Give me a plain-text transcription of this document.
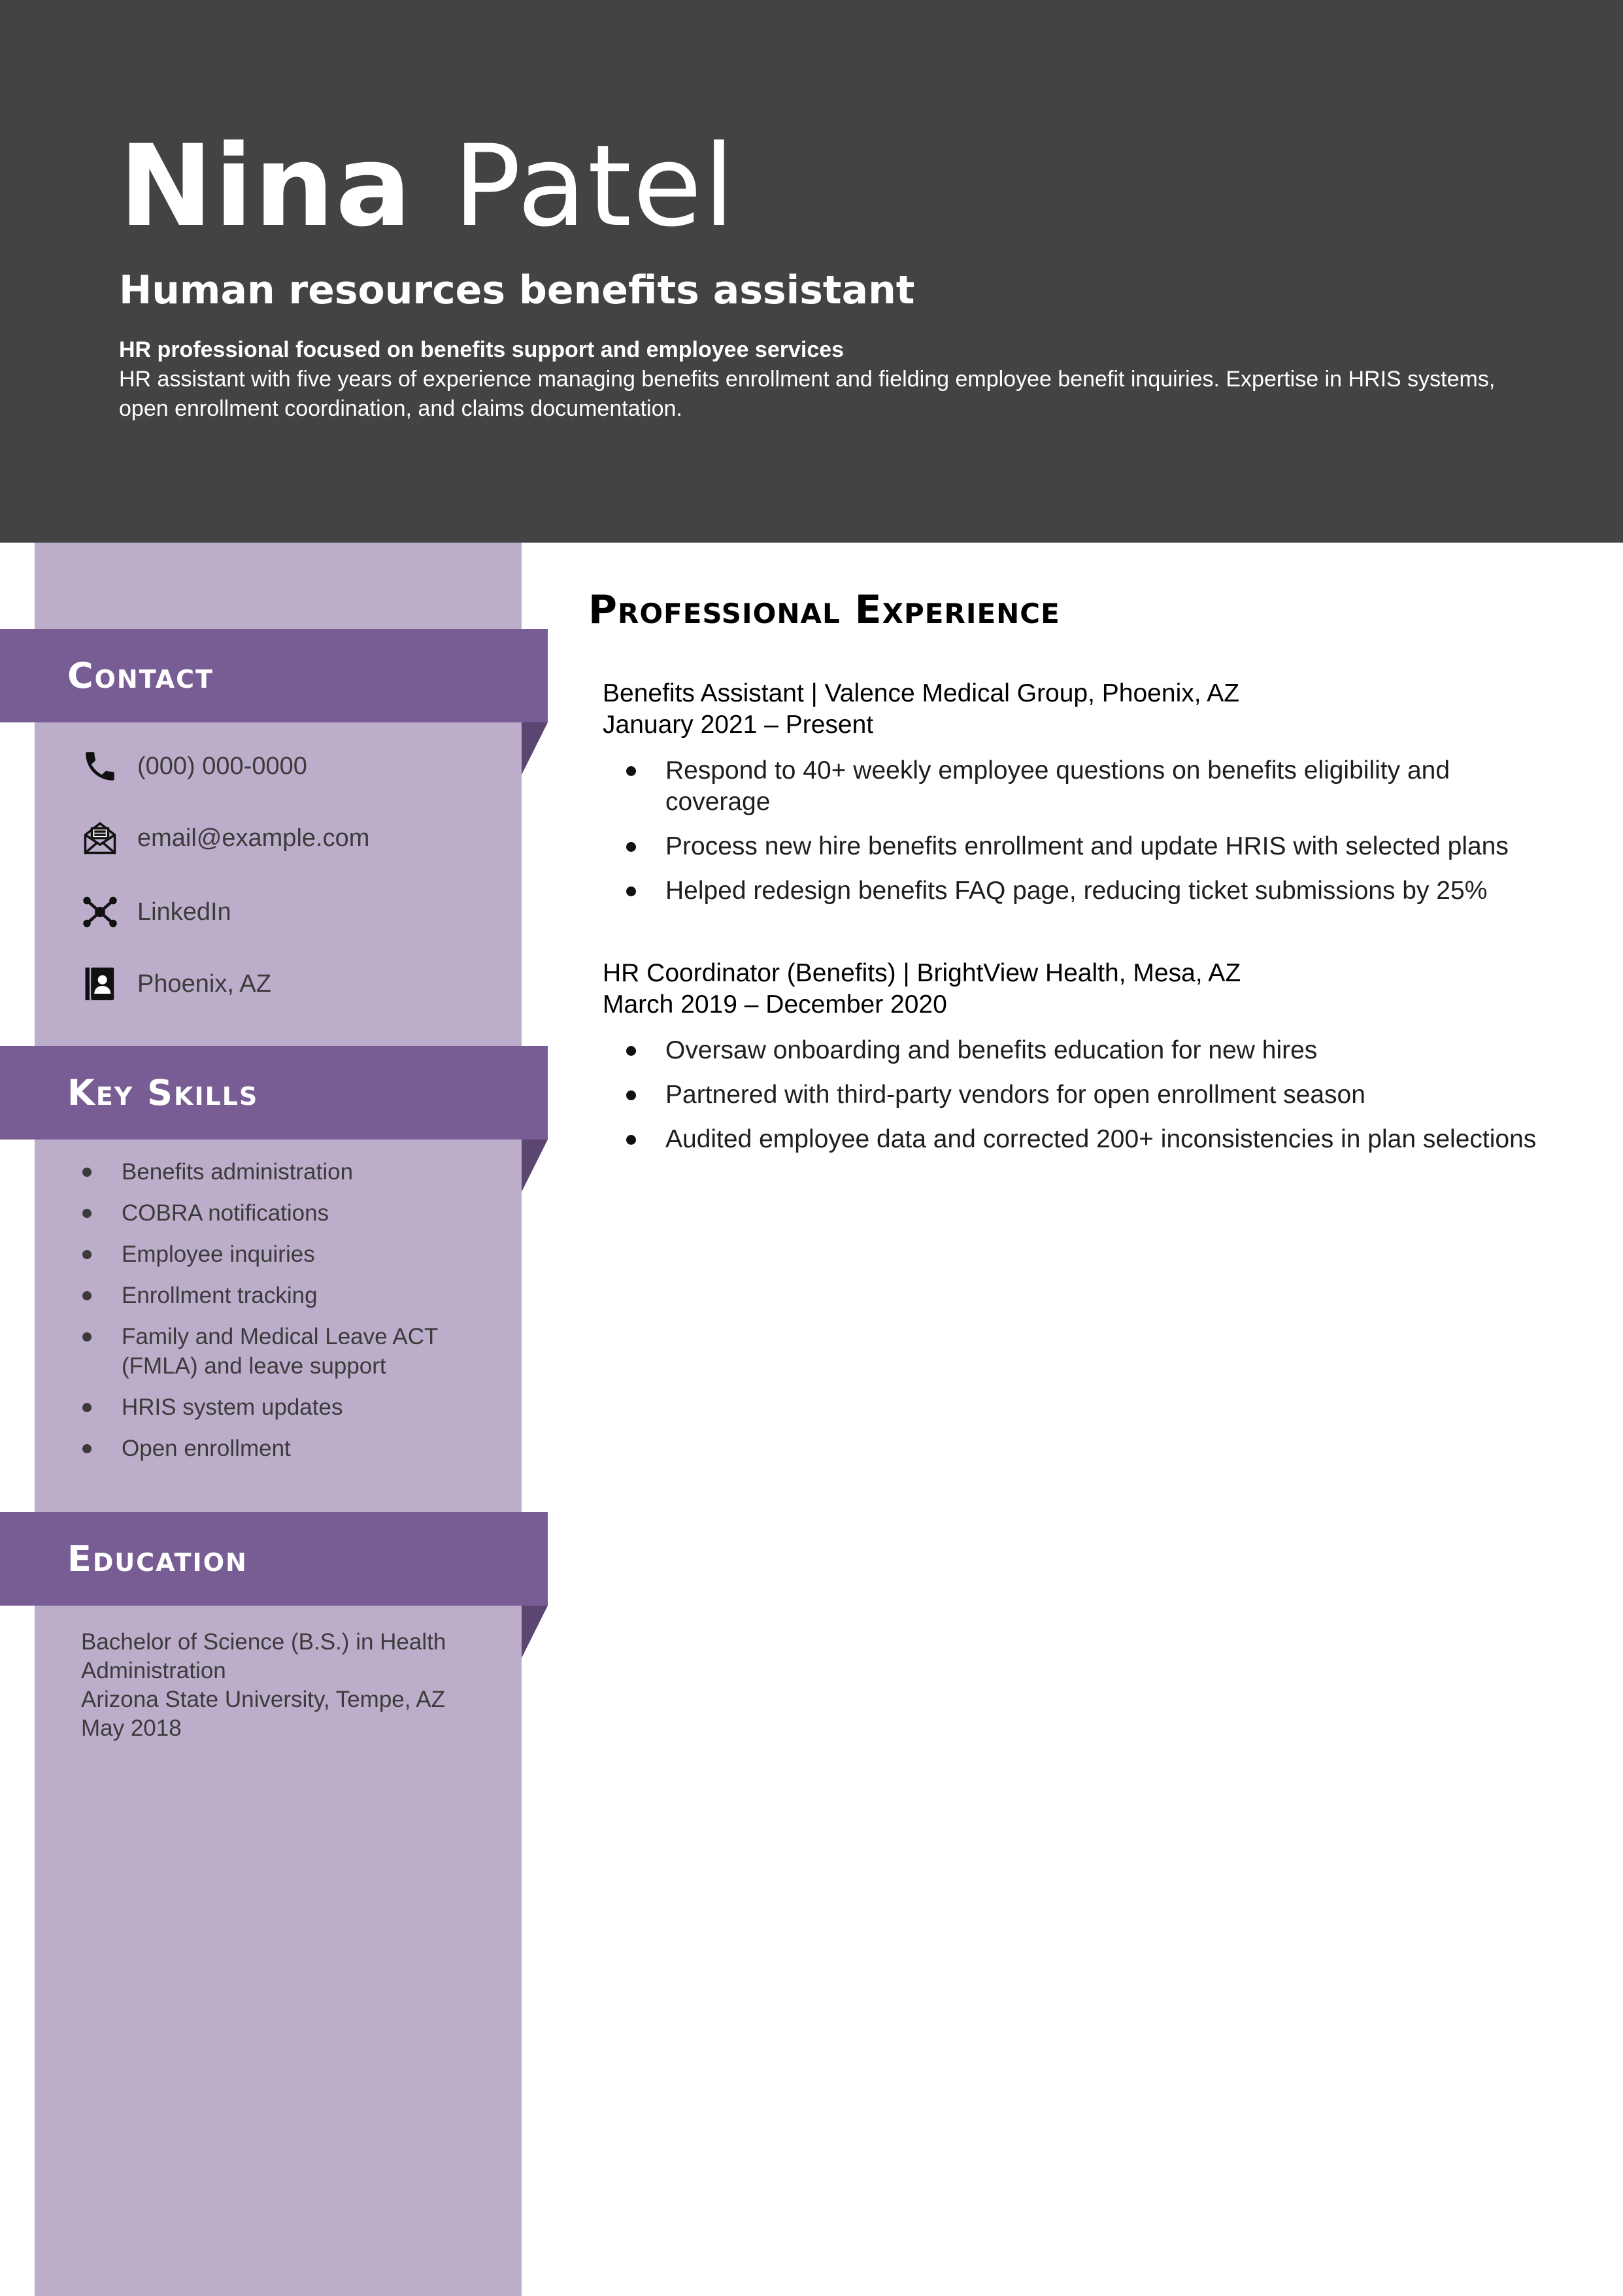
Nina Patel
Human resources benefits assistant
HR professional focused on benefits support and employee services
HR assistant with five years of experience managing benefits enrollment and fielding employee benefit inquiries. Expertise in HRIS systems, open enrollment coordination, and claims documentation.
Contact
(000) 000-0000
email@example.com
LinkedIn
Phoenix, AZ
Key Skills
Benefits administration
COBRA notifications
Employee inquiries
Enrollment tracking
Family and Medical Leave ACT (FMLA) and leave support
HRIS system updates
Open enrollment
Education
Bachelor of Science (B.S.) in Health Administration
Arizona State University, Tempe, AZ
May 2018
Professional Experience
Benefits Assistant | Valence Medical Group, Phoenix, AZ
January 2021 – Present
Respond to 40+ weekly employee questions on benefits eligibility and coverage
Process new hire benefits enrollment and update HRIS with selected plans
Helped redesign benefits FAQ page, reducing ticket submissions by 25%
HR Coordinator (Benefits) | BrightView Health, Mesa, AZ
March 2019 – December 2020
Oversaw onboarding and benefits education for new hires
Partnered with third-party vendors for open enrollment season
Audited employee data and corrected 200+ inconsistencies in plan selections
